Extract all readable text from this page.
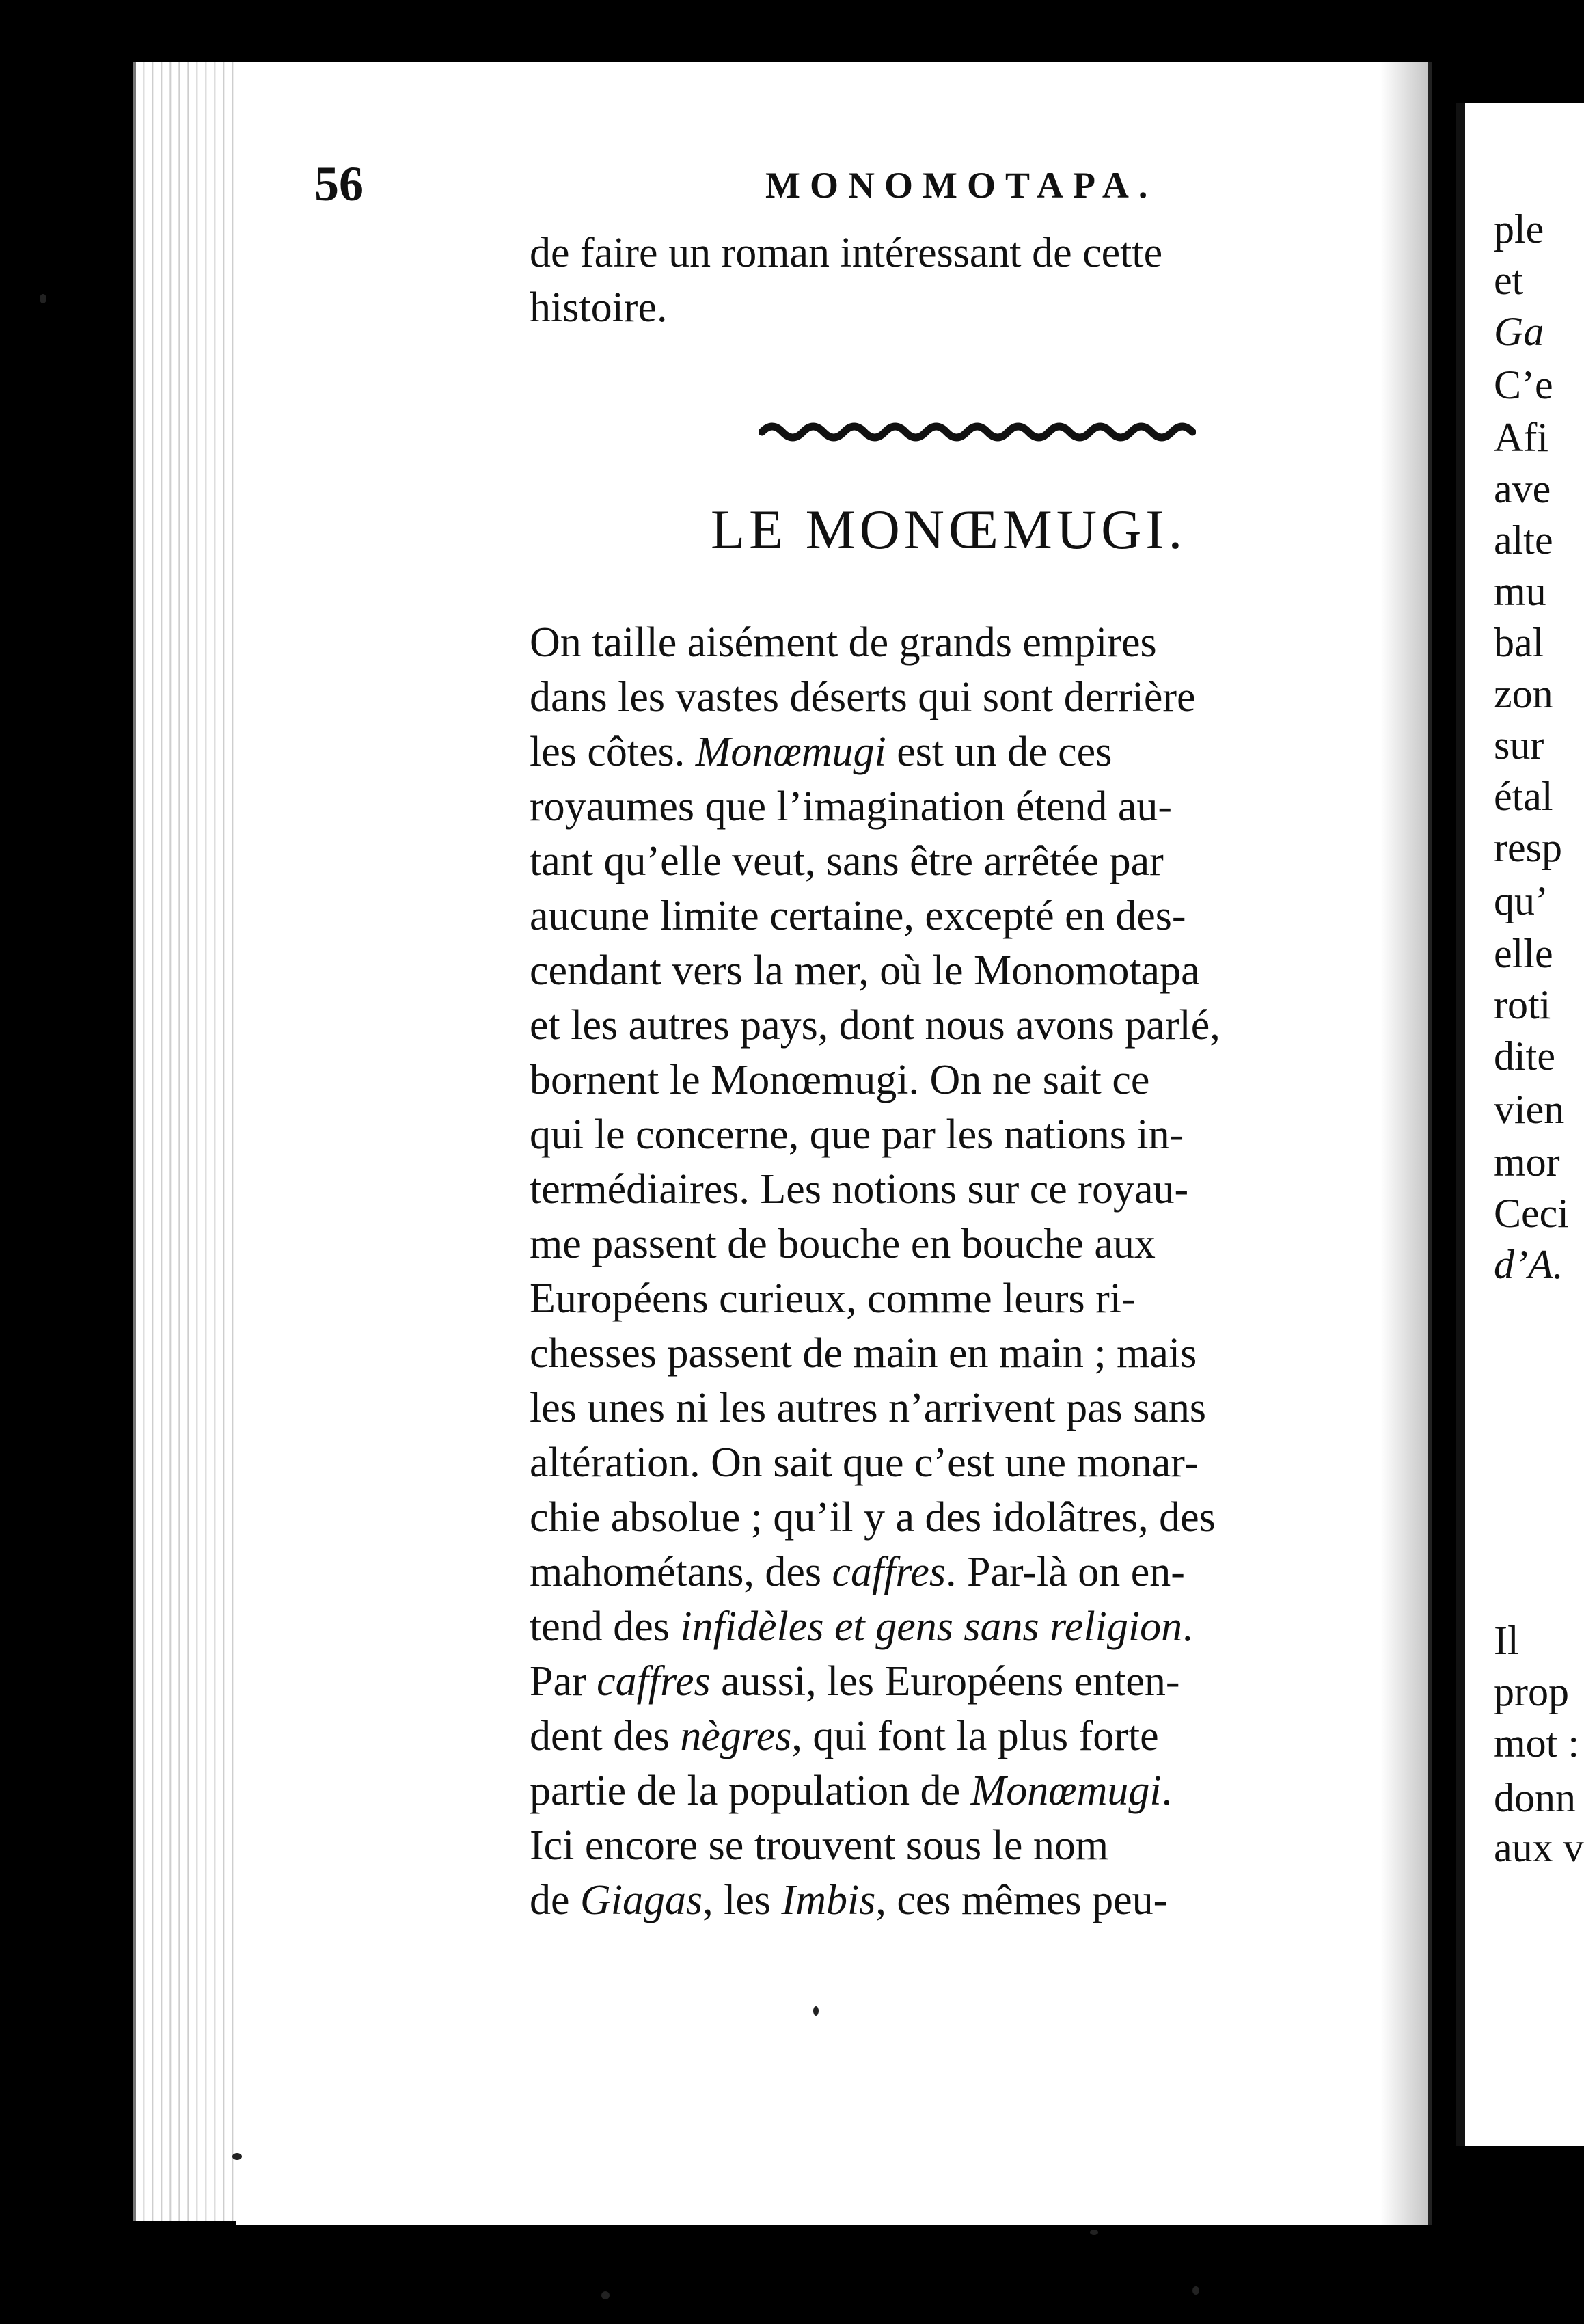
ple
et
Ga
C’e
Afi
ave
alte
mu
bal
zon
sur
étal
resp
qu’
elle
roti
dite
vien
mor
Ceci
d’A.
Il
prop
mot :
donn
aux v
56	MONOMOTAPA.
de faire un roman intéressant de cette
histoire.
LE MONŒMUGI.
On taille aisément de grands empires
dans les vastes déserts qui sont derrière
les côtes. Monœmugi est un de ces
royaumes que l’imagination étend au-
tant qu’elle veut, sans être arrêtée par
aucune limite certaine, excepté en des-
cendant vers la mer, où le Monomotapa
et les autres pays, dont nous avons parlé,
bornent le Monœmugi. On ne sait ce
qui le concerne, que par les nations in-
termédiaires. Les notions sur ce royau-
me passent de bouche en bouche aux
Européens curieux, comme leurs ri-
chesses passent de main en main ; mais
les unes ni les autres n’arrivent pas sans
altération. On sait que c’est une monar-
chie absolue ; qu’il y a des idolâtres, des
mahométans, des caffres. Par-là on en-
tend des infidèles et gens sans religion.
Par caffres aussi, les Européens enten-
dent des nègres, qui font la plus forte
partie de la population de Monœmugi.
Ici encore se trouvent sous le nom
de Giagas, les Imbis, ces mêmes peu-
